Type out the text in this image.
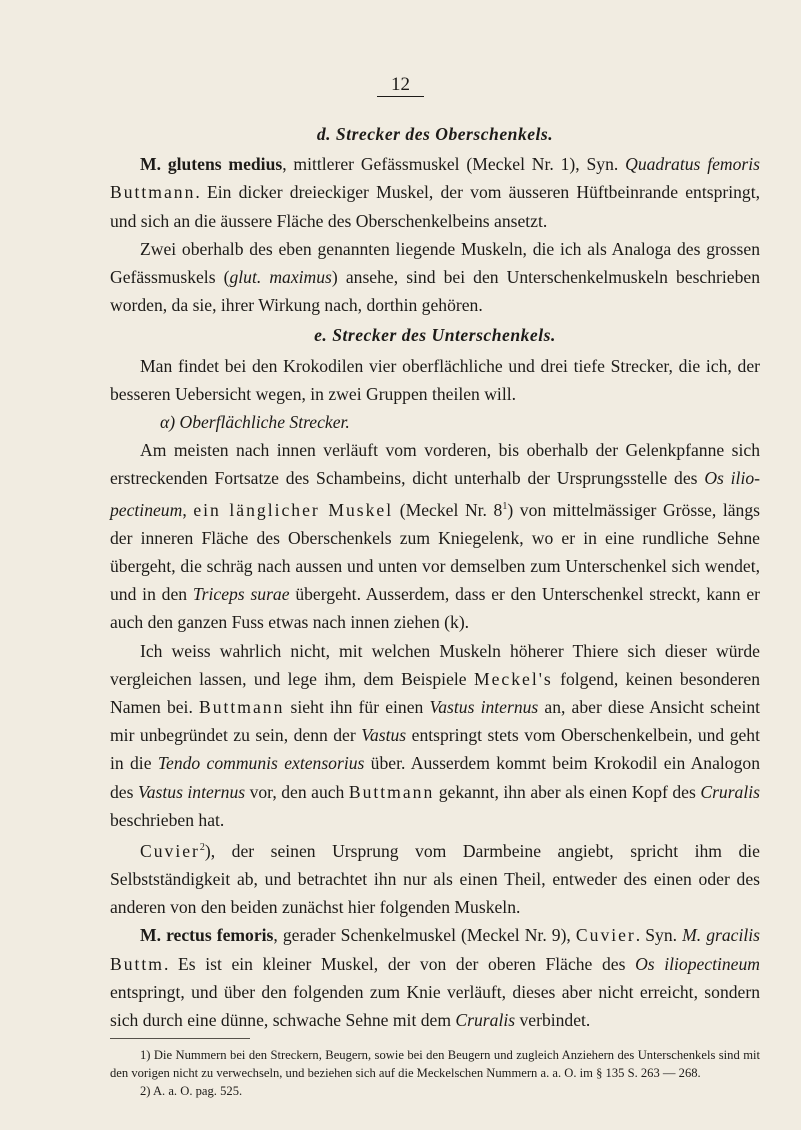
12

d. Strecker des Oberschenkels.

M. glutens medius, mittlerer Gefässmuskel (Meckel Nr. 1), Syn. Quadratus femoris Buttmann. Ein dicker dreieckiger Muskel, der vom äusseren Hüftbeinrande entspringt, und sich an die äussere Fläche des Oberschenkelbeins ansetzt.

Zwei oberhalb des eben genannten liegende Muskeln, die ich als Analoga des grossen Gefässmuskels (glut. maximus) ansehe, sind bei den Unterschenkelmuskeln beschrieben worden, da sie, ihrer Wirkung nach, dorthin gehören.

e. Strecker des Unterschenkels.

Man findet bei den Krokodilen vier oberflächliche und drei tiefe Strecker, die ich, der besseren Uebersicht wegen, in zwei Gruppen theilen will.

α) Oberflächliche Strecker.

Am meisten nach innen verläuft vom vorderen, bis oberhalb der Gelenkpfanne sich erstreckenden Fortsatze des Schambeins, dicht unterhalb der Ursprungsstelle des Os ilio-pectineum, ein länglicher Muskel (Meckel Nr. $8^1$) von mittelmässiger Grösse, längs der inneren Fläche des Oberschenkels zum Kniegelenk, wo er in eine rundliche Sehne übergeht, die schräg nach aussen und unten vor demselben zum Unterschenkel sich wendet, und in den Triceps surae übergeht. Ausserdem, dass er den Unterschenkel streckt, kann er auch den ganzen Fuss etwas nach innen ziehen (k).

Ich weiss wahrlich nicht, mit welchen Muskeln höherer Thiere sich dieser würde vergleichen lassen, und lege ihm, dem Beispiele Meckel's folgend, keinen besonderen Namen bei. Buttmann sieht ihn für einen Vastus internus an, aber diese Ansicht scheint mir unbegründet zu sein, denn der Vastus entspringt stets vom Oberschenkelbein, und geht in die Tendo communis extensorius über. Ausserdem kommt beim Krokodil ein Analogon des Vastus internus vor, den auch Buttmann gekannt, ihn aber als einen Kopf des Cruralis beschrieben hat.

Cuvier$^2$), der seinen Ursprung vom Darmbeine angiebt, spricht ihm die Selbstständigkeit ab, und betrachtet ihn nur als einen Theil, entweder des einen oder des anderen von den beiden zunächst hier folgenden Muskeln.

M. rectus femoris, gerader Schenkelmuskel (Meckel Nr. 9), Cuvier. Syn. M. gracilis Buttm. Es ist ein kleiner Muskel, der von der oberen Fläche des Os iliopectineum entspringt, und über den folgenden zum Knie verläuft, dieses aber nicht erreicht, sondern sich durch eine dünne, schwache Sehne mit dem Cruralis verbindet.

1) Die Nummern bei den Streckern, Beugern, sowie bei den Beugern und zugleich Anziehern des Unterschenkels sind mit den vorigen nicht zu verwechseln, und beziehen sich auf die Meckelschen Nummern a. a. O. im § 135 S. 263 — 268.

2) A. a. O. pag. 525.
